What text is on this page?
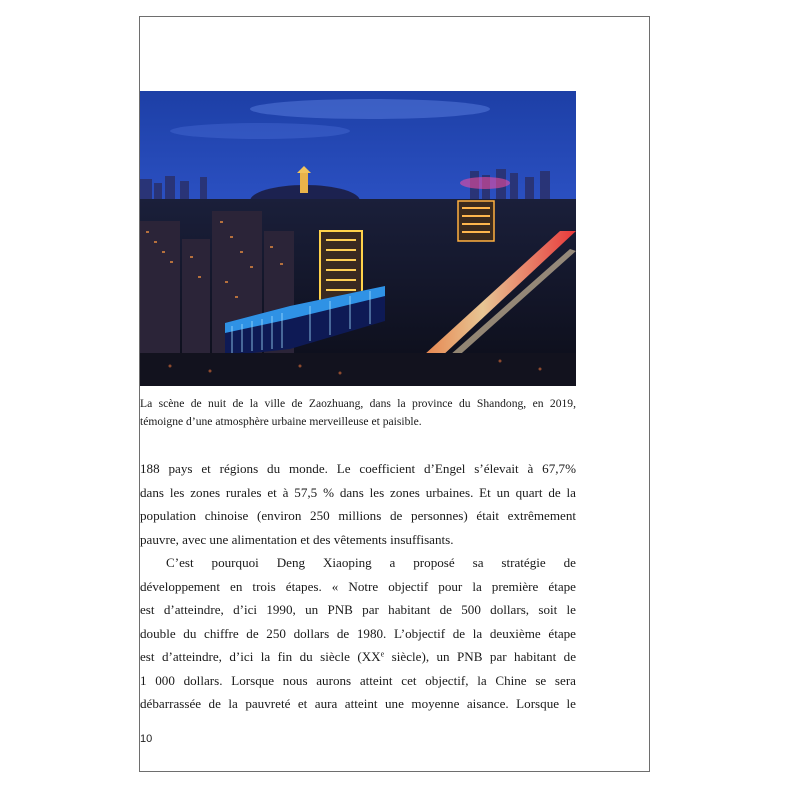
La scène de nuit de la ville de Zaozhuang, dans la province du Shandong, en 2019,

témoigne d’une atmosphère urbaine merveilleuse et paisible.

188 pays et régions du monde. Le coefficient d’Engel s’élevait à 67,7%
dans les zones rurales et à 57,5 % dans les zones urbaines. Et un quart de la
population chinoise (environ 250 millions de personnes) était extrêmement
pauvre, avec une alimentation et des vêtements insuffisants.

C’est pourquoi Deng Xiaoping a proposé sa stratégie de
développement en trois étapes. « Notre objectif pour la première étape
est d’atteindre, d’ici 1990, un PNB par habitant de 500 dollars, soit le
double du chiffre de 250 dollars de 1980. L’objectif de la deuxième étape
est d’atteindre, d’ici la fin du siècle (XXe siècle), un PNB par habitant de
1 000 dollars. Lorsque nous aurons atteint cet objectif, la Chine se sera
débarrassée de la pauvreté et aura atteint une moyenne aisance. Lorsque le

10
